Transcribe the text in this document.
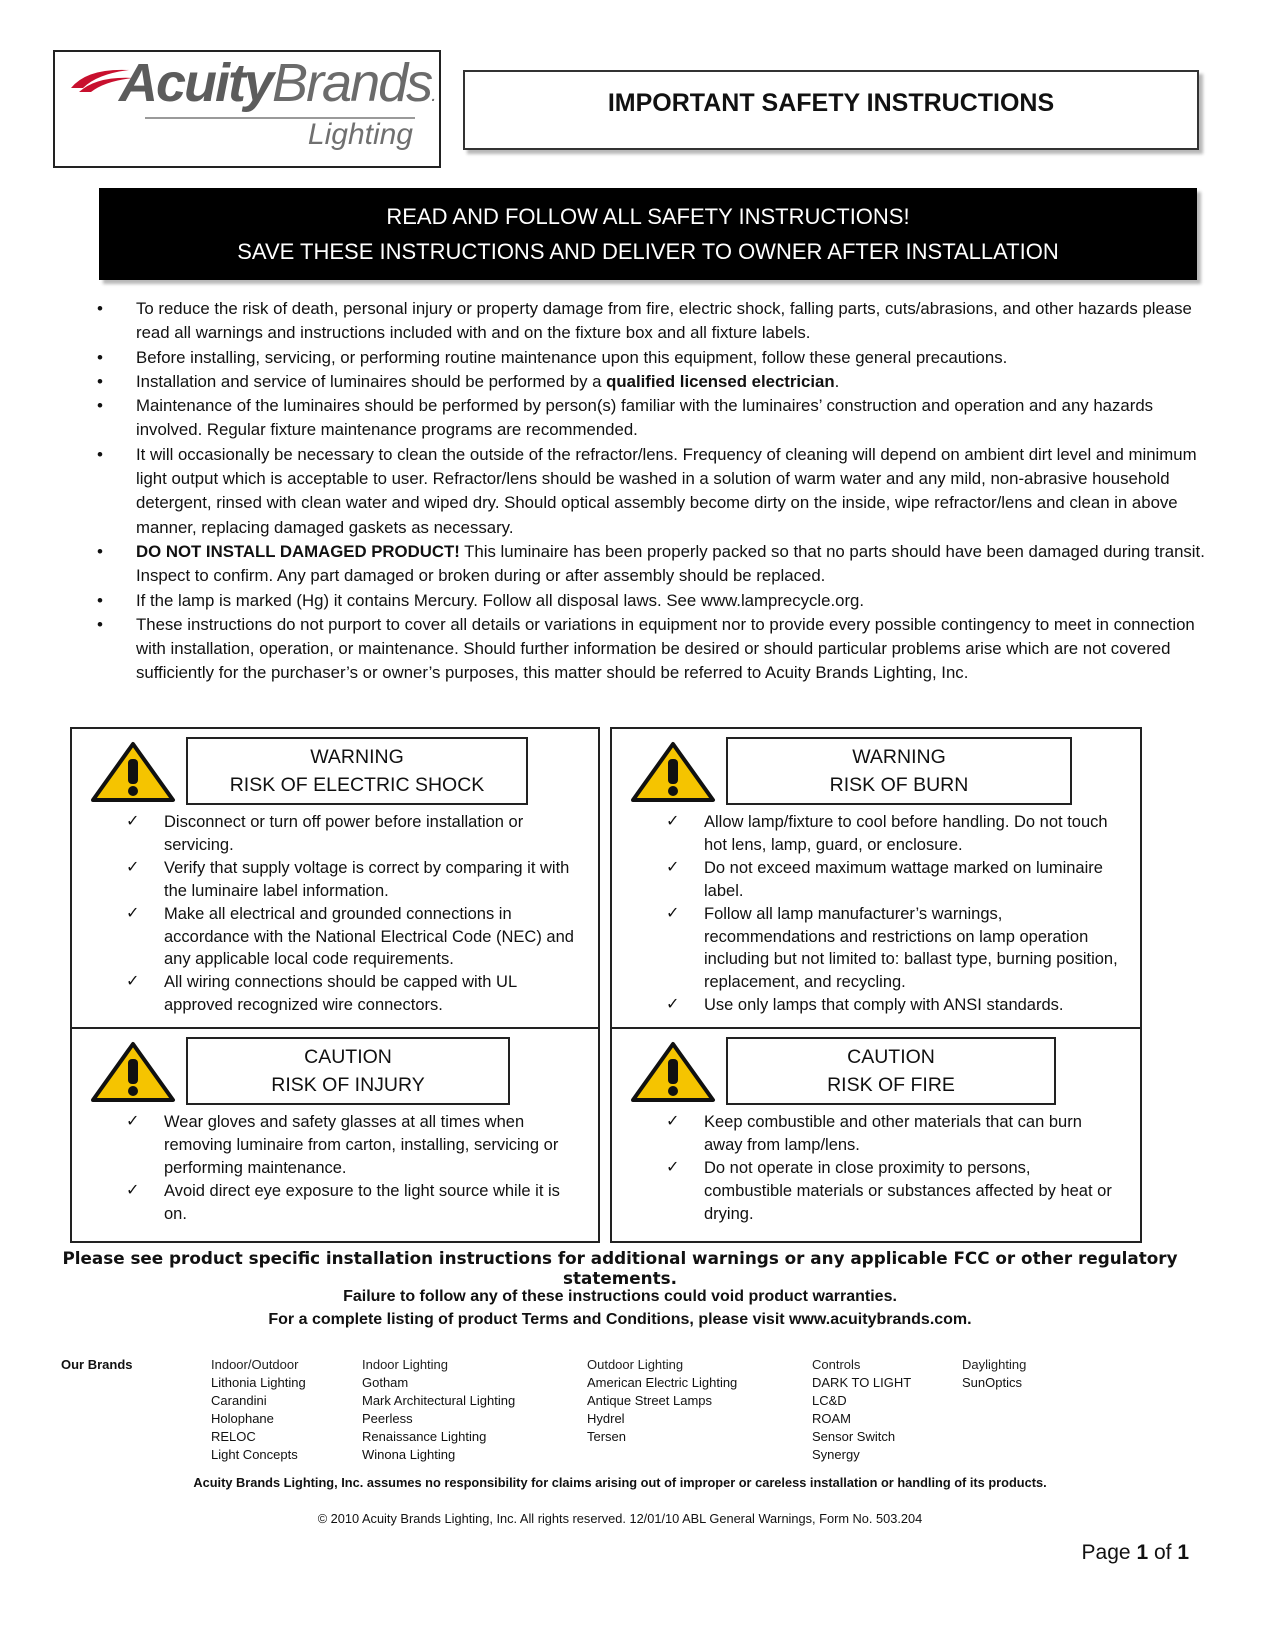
AcuityBrands.
Lighting
IMPORTANT SAFETY INSTRUCTIONS
READ AND FOLLOW ALL SAFETY INSTRUCTIONS!
SAVE THESE INSTRUCTIONS AND DELIVER TO OWNER AFTER INSTALLATION
• To reduce the risk of death, personal injury or property damage from fire, electric shock, falling parts, cuts/abrasions, and other hazards please read all warnings and instructions included with and on the fixture box and all fixture labels.
• Before installing, servicing, or performing routine maintenance upon this equipment, follow these general precautions.
• Installation and service of luminaires should be performed by a qualified licensed electrician.
• Maintenance of the luminaires should be performed by person(s) familiar with the luminaires’ construction and operation and any hazards involved. Regular fixture maintenance programs are recommended.
• It will occasionally be necessary to clean the outside of the refractor/lens. Frequency of cleaning will depend on ambient dirt level and minimum light output which is acceptable to user. Refractor/lens should be washed in a solution of warm water and any mild, non-abrasive household detergent, rinsed with clean water and wiped dry. Should optical assembly become dirty on the inside, wipe refractor/lens and clean in above manner, replacing damaged gaskets as necessary.
• DO NOT INSTALL DAMAGED PRODUCT! This luminaire has been properly packed so that no parts should have been damaged during transit. Inspect to confirm. Any part damaged or broken during or after assembly should be replaced.
• If the lamp is marked (Hg) it contains Mercury. Follow all disposal laws. See www.lamprecycle.org.
• These instructions do not purport to cover all details or variations in equipment nor to provide every possible contingency to meet in connection with installation, operation, or maintenance. Should further information be desired or should particular problems arise which are not covered sufficiently for the purchaser’s or owner’s purposes, this matter should be referred to Acuity Brands Lighting, Inc.
WARNING
RISK OF ELECTRIC SHOCK
✓ Disconnect or turn off power before installation or servicing.
✓ Verify that supply voltage is correct by comparing it with the luminaire label information.
✓ Make all electrical and grounded connections in accordance with the National Electrical Code (NEC) and any applicable local code requirements.
✓ All wiring connections should be capped with UL approved recognized wire connectors.
WARNING
RISK OF BURN
✓ Allow lamp/fixture to cool before handling. Do not touch hot lens, lamp, guard, or enclosure.
✓ Do not exceed maximum wattage marked on luminaire label.
✓ Follow all lamp manufacturer’s warnings, recommendations and restrictions on lamp operation including but not limited to: ballast type, burning position, replacement, and recycling.
✓ Use only lamps that comply with ANSI standards.
CAUTION
RISK OF INJURY
✓ Wear gloves and safety glasses at all times when removing luminaire from carton, installing, servicing or performing maintenance.
✓ Avoid direct eye exposure to the light source while it is on.
CAUTION
RISK OF FIRE
✓ Keep combustible and other materials that can burn away from lamp/lens.
✓ Do not operate in close proximity to persons, combustible materials or substances affected by heat or drying.
Please see product specific installation instructions for additional warnings or any applicable FCC or other regulatory statements.
Failure to follow any of these instructions could void product warranties.
For a complete listing of product Terms and Conditions, please visit www.acuitybrands.com.
Our Brands	Indoor/Outdoor
Lithonia Lighting
Carandini
Holophane
RELOC
Light Concepts
Indoor Lighting
Gotham
Mark Architectural Lighting
Peerless
Renaissance Lighting
Winona Lighting
Outdoor Lighting
American Electric Lighting
Antique Street Lamps
Hydrel
Tersen
Controls
DARK TO LIGHT
LC&D
ROAM
Sensor Switch
Synergy
Daylighting
SunOptics
Acuity Brands Lighting, Inc. assumes no responsibility for claims arising out of improper or careless installation or handling of its products.
© 2010 Acuity Brands Lighting, Inc. All rights reserved. 12/01/10 ABL General Warnings, Form No. 503.204
Page 1 of 1
